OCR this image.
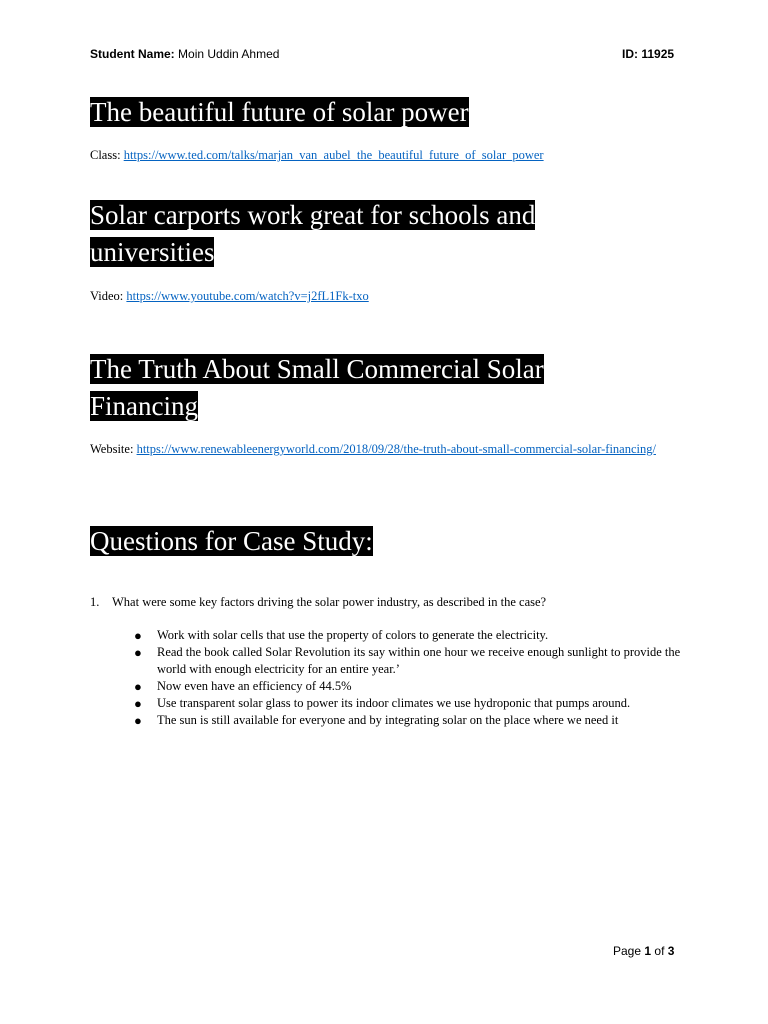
Student Name: Moin Uddin Ahmed	ID: 11925
The beautiful future of solar power
Class: https://www.ted.com/talks/marjan_van_aubel_the_beautiful_future_of_solar_power
Solar carports work great for schools and universities
Video: https://www.youtube.com/watch?v=j2fL1Fk-txo
The Truth About Small Commercial Solar Financing
Website: https://www.renewableenergyworld.com/2018/09/28/the-truth-about-small-commercial-solar-financing/
Questions for Case Study:
1. What were some key factors driving the solar power industry, as described in the case?
● Work with solar cells that use the property of colors to generate the electricity.
● Read the book called Solar Revolution its say within one hour we receive enough sunlight to provide the world with enough electricity for an entire year.’
● Now even have an efficiency of 44.5%
● Use transparent solar glass to power its indoor climates we use hydroponic that pumps around.
● The sun is still available for everyone and by integrating solar on the place where we need it
Page 1 of 3
